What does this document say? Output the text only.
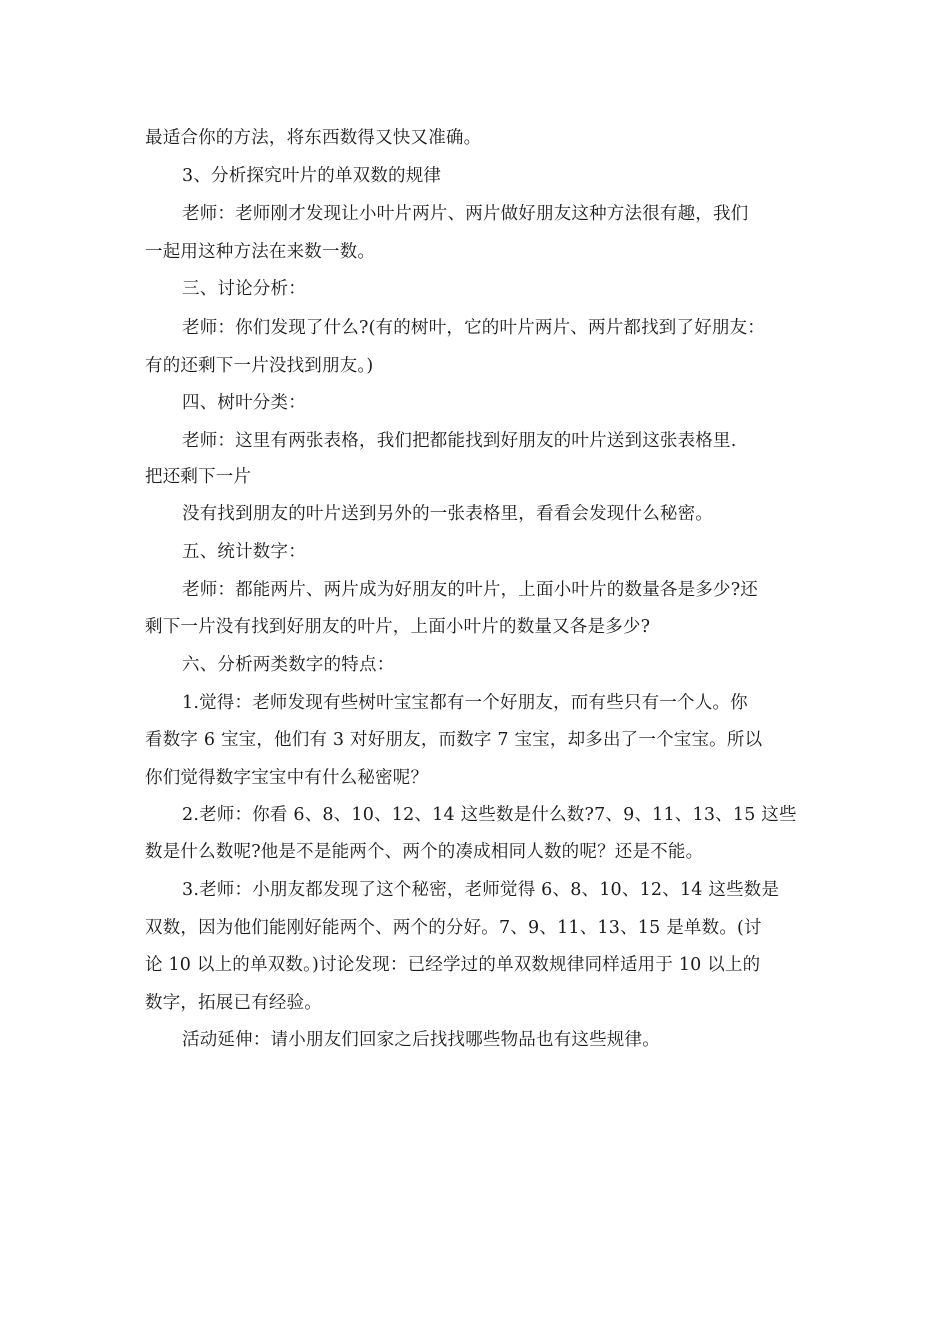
最适合你的方法，将东西数得又快又准确。
3、分析探究叶片的单双数的规律
老师：老师刚才发现让小叶片两片、两片做好朋友这种方法很有趣，我们
一起用这种方法在来数一数。
三、讨论分析：
老师：你们发现了什么?(有的树叶，它的叶片两片、两片都找到了好朋友：
有的还剩下一片没找到朋友。)
四、树叶分类：
老师：这里有两张表格，我们把都能找到好朋友的叶片送到这张表格里.
把还剩下一片
没有找到朋友的叶片送到另外的一张表格里，看看会发现什么秘密。
五、统计数字：
老师：都能两片、两片成为好朋友的叶片，上面小叶片的数量各是多少?还
剩下一片没有找到好朋友的叶片，上面小叶片的数量又各是多少?
六、分析两类数字的特点：
1.觉得：老师发现有些树叶宝宝都有一个好朋友，而有些只有一个人。你
看数字 6 宝宝，他们有 3 对好朋友，而数字 7 宝宝，却多出了一个宝宝。所以
你们觉得数字宝宝中有什么秘密呢？
2.老师：你看 6、8、10、12、14 这些数是什么数?7、9、11、13、15 这些
数是什么数呢?他是不是能两个、两个的凑成相同人数的呢？还是不能。
3.老师：小朋友都发现了这个秘密，老师觉得 6、8、10、12、14 这些数是
双数，因为他们能刚好能两个、两个的分好。7、9、11、13、15 是单数。(讨
论 10 以上的单双数。)讨论发现：已经学过的单双数规律同样适用于 10 以上的
数字，拓展已有经验。
活动延伸：请小朋友们回家之后找找哪些物品也有这些规律。
